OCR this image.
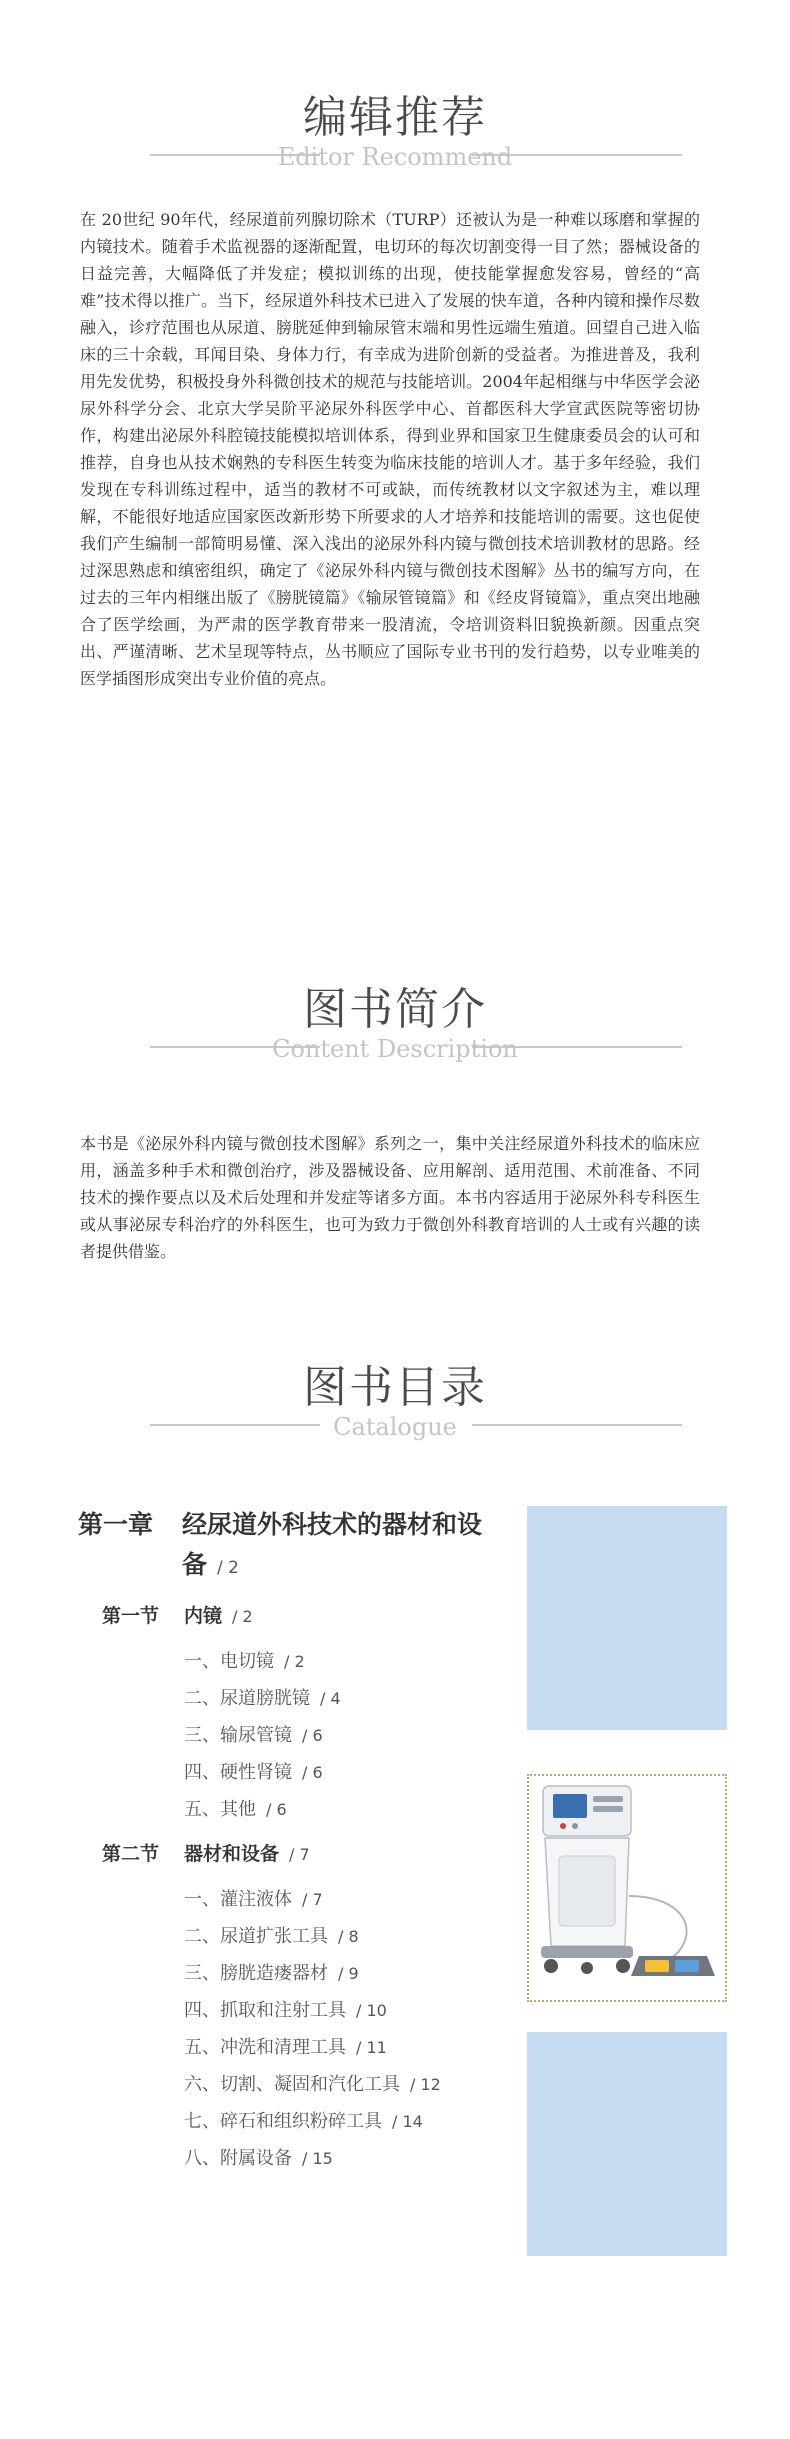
编辑推荐
Editor Recommend

在 20世纪 90年代，经尿道前列腺切除术（TURP）还被认为是一种难以琢磨和掌握的内镜技术。随着手术监视器的逐渐配置，电切环的每次切割变得一目了然；器械设备的日益完善，大幅降低了并发症；模拟训练的出现，使技能掌握愈发容易，曾经的“高难”技术得以推广。当下，经尿道外科技术已进入了发展的快车道，各种内镜和操作尽数融入，诊疗范围也从尿道、膀胱延伸到输尿管末端和男性远端生殖道。回望自己进入临床的三十余载，耳闻目染、身体力行，有幸成为进阶创新的受益者。为推进普及，我利用先发优势，积极投身外科微创技术的规范与技能培训。2004年起相继与中华医学会泌尿外科学分会、北京大学吴阶平泌尿外科医学中心、首都医科大学宣武医院等密切协作，构建出泌尿外科腔镜技能模拟培训体系，得到业界和国家卫生健康委员会的认可和推荐，自身也从技术娴熟的专科医生转变为临床技能的培训人才。基于多年经验，我们发现在专科训练过程中，适当的教材不可或缺，而传统教材以文字叙述为主，难以理解，不能很好地适应国家医改新形势下所要求的人才培养和技能培训的需要。这也促使我们产生编制一部简明易懂、深入浅出的泌尿外科内镜与微创技术培训教材的思路。经过深思熟虑和缜密组织，确定了《泌尿外科内镜与微创技术图解》丛书的编写方向，在过去的三年内相继出版了《膀胱镜篇》《输尿管镜篇》和《经皮肾镜篇》，重点突出地融合了医学绘画，为严肃的医学教育带来一股清流，令培训资料旧貌换新颜。因重点突出、严谨清晰、艺术呈现等特点，丛书顺应了国际专业书刊的发行趋势，以专业唯美的医学插图形成突出专业价值的亮点。

图书简介
Content Description

本书是《泌尿外科内镜与微创技术图解》系列之一，集中关注经尿道外科技术的临床应用，涵盖多种手术和微创治疗，涉及器械设备、应用解剖、适用范围、术前准备、不同技术的操作要点以及术后处理和并发症等诸多方面。本书内容适用于泌尿外科专科医生或从事泌尿专科治疗的外科医生，也可为致力于微创外科教育培训的人士或有兴趣的读者提供借鉴。

图书目录
Catalogue
第一章 经尿道外科技术的器材和设备 / 2
第一节 内镜 / 2
一、电切镜 / 2
二、尿道膀胱镜 / 4
三、输尿管镜 / 6
四、硬性肾镜 / 6
五、其他 / 6
第二节 器材和设备 / 7
一、灌注液体 / 7
二、尿道扩张工具 / 8
三、膀胱造瘘器材 / 9
四、抓取和注射工具 / 10
五、冲洗和清理工具 / 11
六、切割、凝固和汽化工具 / 12
七、碎石和组织粉碎工具 / 14
八、附属设备 / 15
